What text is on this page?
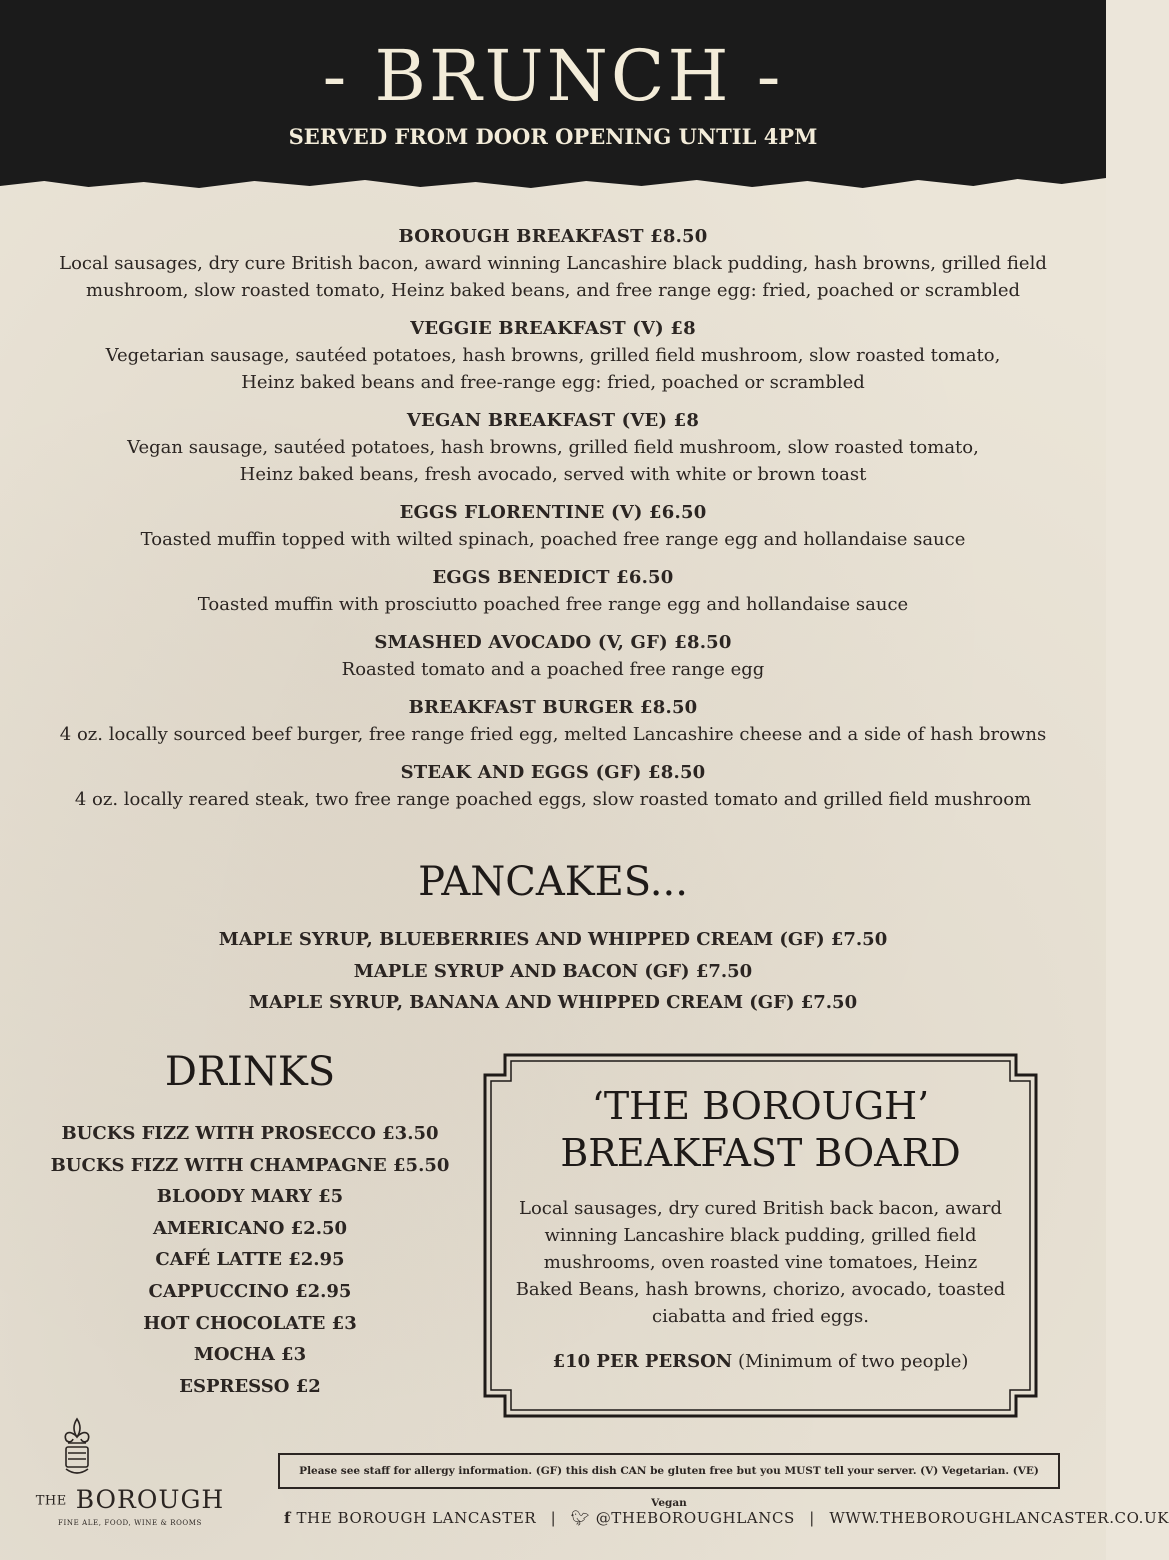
- BRUNCH -
SERVED FROM DOOR OPENING UNTIL 4PM
BOROUGH BREAKFAST £8.50
Local sausages, dry cure British bacon, award winning Lancashire black pudding, hash browns, grilled field
mushroom, slow roasted tomato, Heinz baked beans, and free range egg: fried, poached or scrambled
VEGGIE BREAKFAST (V) £8
Vegetarian sausage, sautéed potatoes, hash browns, grilled field mushroom, slow roasted tomato,
Heinz baked beans and free-range egg: fried, poached or scrambled
VEGAN BREAKFAST (VE) £8
Vegan sausage, sautéed potatoes, hash browns, grilled field mushroom, slow roasted tomato,
Heinz baked beans, fresh avocado, served with white or brown toast
EGGS FLORENTINE (V) £6.50
Toasted muffin topped with wilted spinach, poached free range egg and hollandaise sauce
EGGS BENEDICT £6.50
Toasted muffin with prosciutto poached free range egg and hollandaise sauce
SMASHED AVOCADO (V, GF) £8.50
Roasted tomato and a poached free range egg
BREAKFAST BURGER £8.50
4 oz. locally sourced beef burger, free range fried egg, melted Lancashire cheese and a side of hash browns
STEAK AND EGGS (GF) £8.50
4 oz. locally reared steak, two free range poached eggs, slow roasted tomato and grilled field mushroom
PANCAKES...
MAPLE SYRUP, BLUEBERRIES AND WHIPPED CREAM (GF) £7.50
MAPLE SYRUP AND BACON (GF) £7.50
MAPLE SYRUP, BANANA AND WHIPPED CREAM (GF) £7.50
DRINKS
BUCKS FIZZ WITH PROSECCO £3.50
BUCKS FIZZ WITH CHAMPAGNE £5.50
BLOODY MARY £5
AMERICANO £2.50
CAFÉ LATTE £2.95
CAPPUCCINO £2.95
HOT CHOCOLATE £3
MOCHA £3
ESPRESSO £2
‘THE BOROUGH’
BREAKFAST BOARD
Local sausages, dry cured British back bacon, award
winning Lancashire black pudding, grilled field
mushrooms, oven roasted vine tomatoes, Heinz
Baked Beans, hash browns, chorizo, avocado, toasted
ciabatta and fried eggs.
£10 PER PERSON (Minimum of two people)
THE BOROUGH
FINE ALE, FOOD, WINE & ROOMS
Please see staff for allergy information. (GF) this dish CAN be gluten free but you MUST tell your server. (V) Vegetarian. (VE) Vegan
f THE BOROUGH LANCASTER | 🐦︎ @THEBOROUGHLANCS | WWW.THEBOROUGHLANCASTER.CO.UK
